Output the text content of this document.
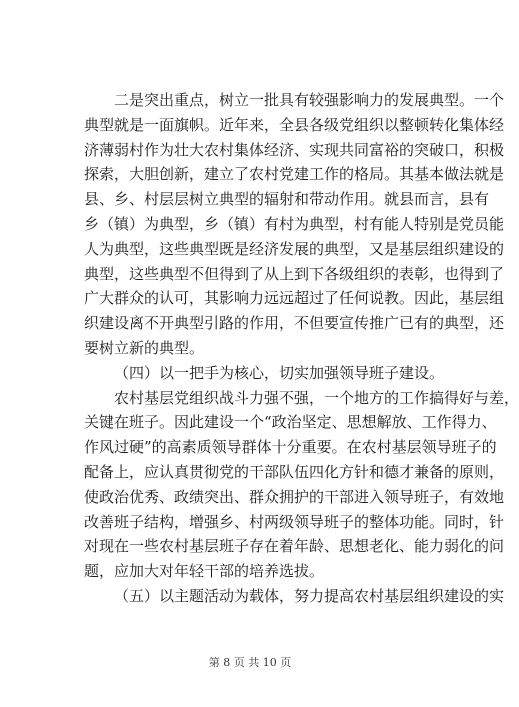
二是突出重点，树立一批具有较强影响力的发展典型。一个
典型就是一面旗帜。近年来，全县各级党组织以整顿转化集体经
济薄弱村作为壮大农村集体经济、实现共同富裕的突破口，积极
探索，大胆创新，建立了农村党建工作的格局。其基本做法就是
县、乡、村层层树立典型的辐射和带动作用。就县而言，县有
乡（镇）为典型，乡（镇）有村为典型，村有能人特别是党员能
人为典型，这些典型既是经济发展的典型，又是基层组织建设的
典型，这些典型不但得到了从上到下各级组织的表彰，也得到了
广大群众的认可，其影响力远远超过了任何说教。因此，基层组
织建设离不开典型引路的作用，不但要宣传推广已有的典型，还
要树立新的典型。
（四）以一把手为核心，切实加强领导班子建设。
农村基层党组织战斗力强不强，一个地方的工作搞得好与差，
关键在班子。因此建设一个“政治坚定、思想解放、工作得力、
作风过硬”的高素质领导群体十分重要。在农村基层领导班子的
配备上，应认真贯彻党的干部队伍四化方针和德才兼备的原则，
使政治优秀、政绩突出、群众拥护的干部进入领导班子，有效地
改善班子结构，增强乡、村两级领导班子的整体功能。同时，针
对现在一些农村基层班子存在着年龄、思想老化、能力弱化的问
题，应加大对年轻干部的培养选拔。
（五）以主题活动为载体，努力提高农村基层组织建设的实
第 8 页 共 10 页
